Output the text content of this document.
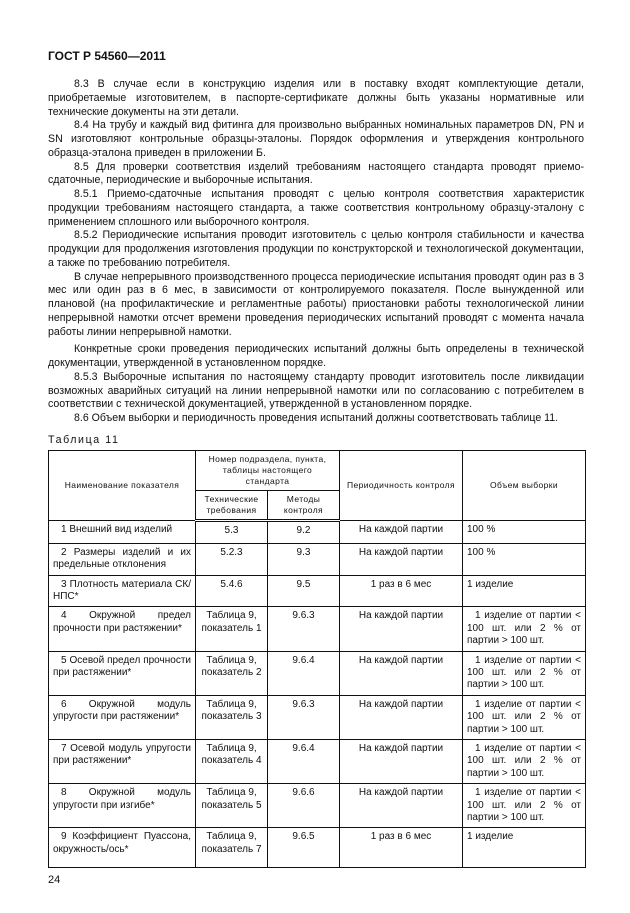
ГОСТ Р 54560—2011

8.3 В случае если в конструкцию изделия или в поставку входят комплектующие детали, приобретаемые изготовителем, в паспорте-сертификате должны быть указаны нормативные или технические документы на эти детали.

8.4 На трубу и каждый вид фитинга для произвольно выбранных номинальных параметров DN, PN и SN изготовляют контрольные образцы-эталоны. Порядок оформления и утверждения контрольного образца-эталона приведен в приложении Б.

8.5 Для проверки соответствия изделий требованиям настоящего стандарта проводят приемо-сдаточные, периодические и выборочные испытания.

8.5.1 Приемо-сдаточные испытания проводят с целью контроля соответствия характеристик продукции требованиям настоящего стандарта, а также соответствия контрольному образцу-эталону с применением сплошного или выборочного контроля.

8.5.2 Периодические испытания проводит изготовитель с целью контроля стабильности и качества продукции для продолжения изготовления продукции по конструкторской и технологической документации, а также по требованию потребителя.

В случае непрерывного производственного процесса периодические испытания проводят один раз в 3 мес или один раз в 6 мес, в зависимости от контролируемого показателя. После вынужденной или плановой (на профилактические и регламентные работы) приостановки работы технологической линии непрерывной намотки отсчет времени проведения периодических испытаний проводят с момента начала работы линии непрерывной намотки.

Конкретные сроки проведения периодических испытаний должны быть определены в технической документации, утвержденной в установленном порядке.

8.5.3 Выборочные испытания по настоящему стандарту проводит изготовитель после ликвидации возможных аварийных ситуаций на линии непрерывной намотки или по согласованию с потребителем в соответствии с технической документацией, утвержденной в установленном порядке.

8.6 Объем выборки и периодичность проведения испытаний должны соответствовать таблице 11.

Таблица 11
Наименование показателя	Номер подраздела, пункта, таблицы настоящего стандарта		Периодичность контроля	Объем выборки
	Технические требования	Методы контроля		
1 Внешний вид изделий	5.3	9.2	На каждой партии	100 %
2 Размеры изделий и их предельные отклонения	5.2.3	9.3	На каждой партии	100 %
3 Плотность материала СК/НПС*	5.4.6	9.5	1 раз в 6 мес	1 изделие
4 Окружной предел прочности при растяжении*	Таблица 9, показатель 1	9.6.3	На каждой партии	1 изделие от партии < 100 шт. или 2 % от партии > 100 шт.
5 Осевой предел прочности при растяжении*	Таблица 9, показатель 2	9.6.4	На каждой партии	1 изделие от партии < 100 шт. или 2 % от партии > 100 шт.
6 Окружной модуль упругости при растяжении*	Таблица 9, показатель 3	9.6.3	На каждой партии	1 изделие от партии < 100 шт. или 2 % от партии > 100 шт.
7 Осевой модуль упругости при растяжении*	Таблица 9, показатель 4	9.6.4	На каждой партии	1 изделие от партии < 100 шт. или 2 % от партии > 100 шт.
8 Окружной модуль упругости при изгибе*	Таблица 9, показатель 5	9.6.6	На каждой партии	1 изделие от партии < 100 шт. или 2 % от партии > 100 шт.
9 Коэффициент Пуассона, окружность/ось*	Таблица 9, показатель 7	9.6.5	1 раз в 6 мес	1 изделие
24
